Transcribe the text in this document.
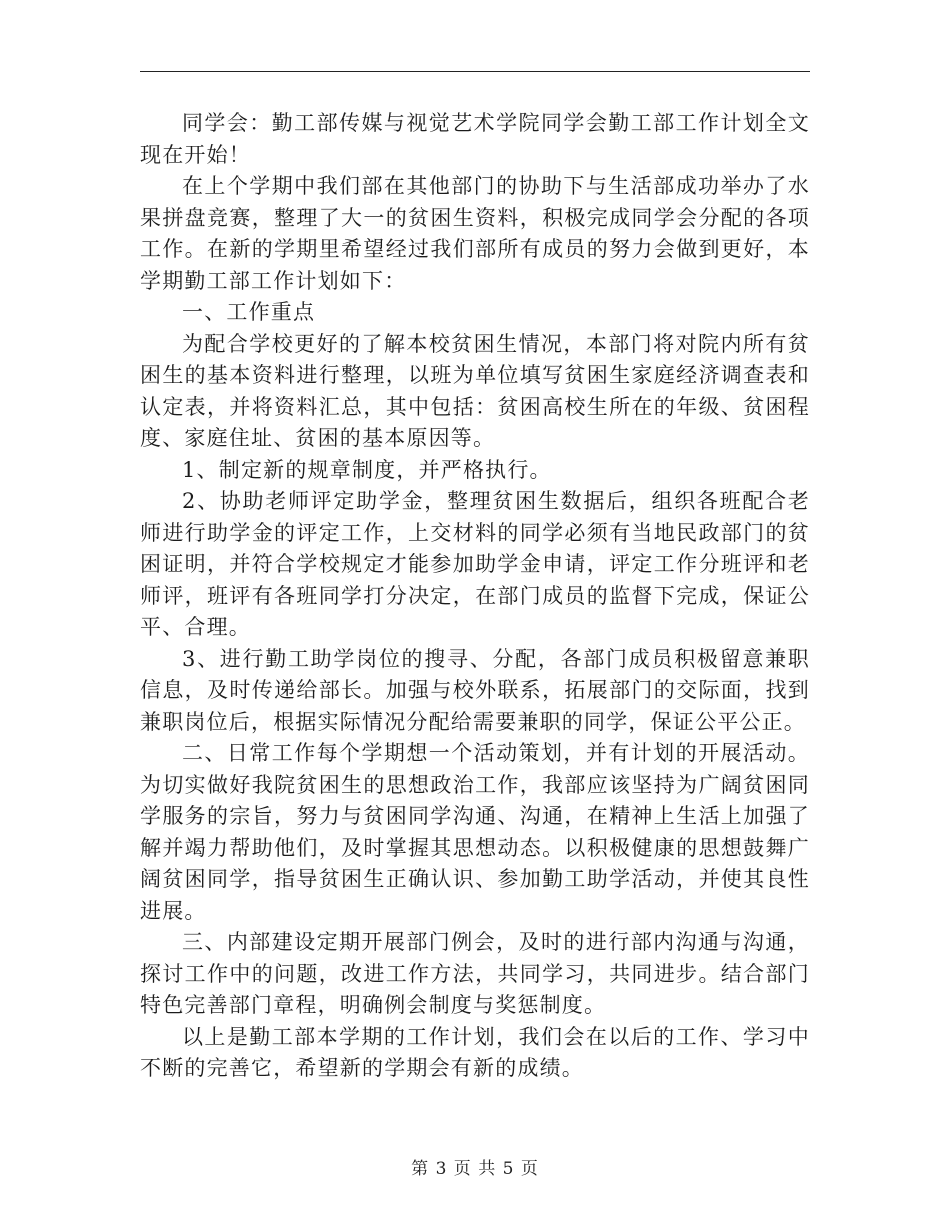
同学会：勤工部传媒与视觉艺术学院同学会勤工部工作计划全文现在开始！

在上个学期中我们部在其他部门的协助下与生活部成功举办了水果拼盘竞赛，整理了大一的贫困生资料，积极完成同学会分配的各项工作。在新的学期里希望经过我们部所有成员的努力会做到更好，本学期勤工部工作计划如下：

一、工作重点

为配合学校更好的了解本校贫困生情况，本部门将对院内所有贫困生的基本资料进行整理，以班为单位填写贫困生家庭经济调查表和认定表，并将资料汇总，其中包括：贫困高校生所在的年级、贫困程度、家庭住址、贫困的基本原因等。

1、制定新的规章制度，并严格执行。

2、协助老师评定助学金，整理贫困生数据后，组织各班配合老师进行助学金的评定工作，上交材料的同学必须有当地民政部门的贫困证明，并符合学校规定才能参加助学金申请，评定工作分班评和老师评，班评有各班同学打分决定，在部门成员的监督下完成，保证公平、合理。

3、进行勤工助学岗位的搜寻、分配，各部门成员积极留意兼职信息，及时传递给部长。加强与校外联系，拓展部门的交际面，找到兼职岗位后，根据实际情况分配给需要兼职的同学，保证公平公正。

二、日常工作每个学期想一个活动策划，并有计划的开展活动。为切实做好我院贫困生的思想政治工作，我部应该坚持为广阔贫困同学服务的宗旨，努力与贫困同学沟通、沟通，在精神上生活上加强了解并竭力帮助他们，及时掌握其思想动态。以积极健康的思想鼓舞广阔贫困同学，指导贫困生正确认识、参加勤工助学活动，并使其良性进展。

三、内部建设定期开展部门例会，及时的进行部内沟通与沟通，探讨工作中的问题，改进工作方法，共同学习，共同进步。结合部门特色完善部门章程，明确例会制度与奖惩制度。

以上是勤工部本学期的工作计划，我们会在以后的工作、学习中不断的完善它，希望新的学期会有新的成绩。

第 3 页 共 5 页
